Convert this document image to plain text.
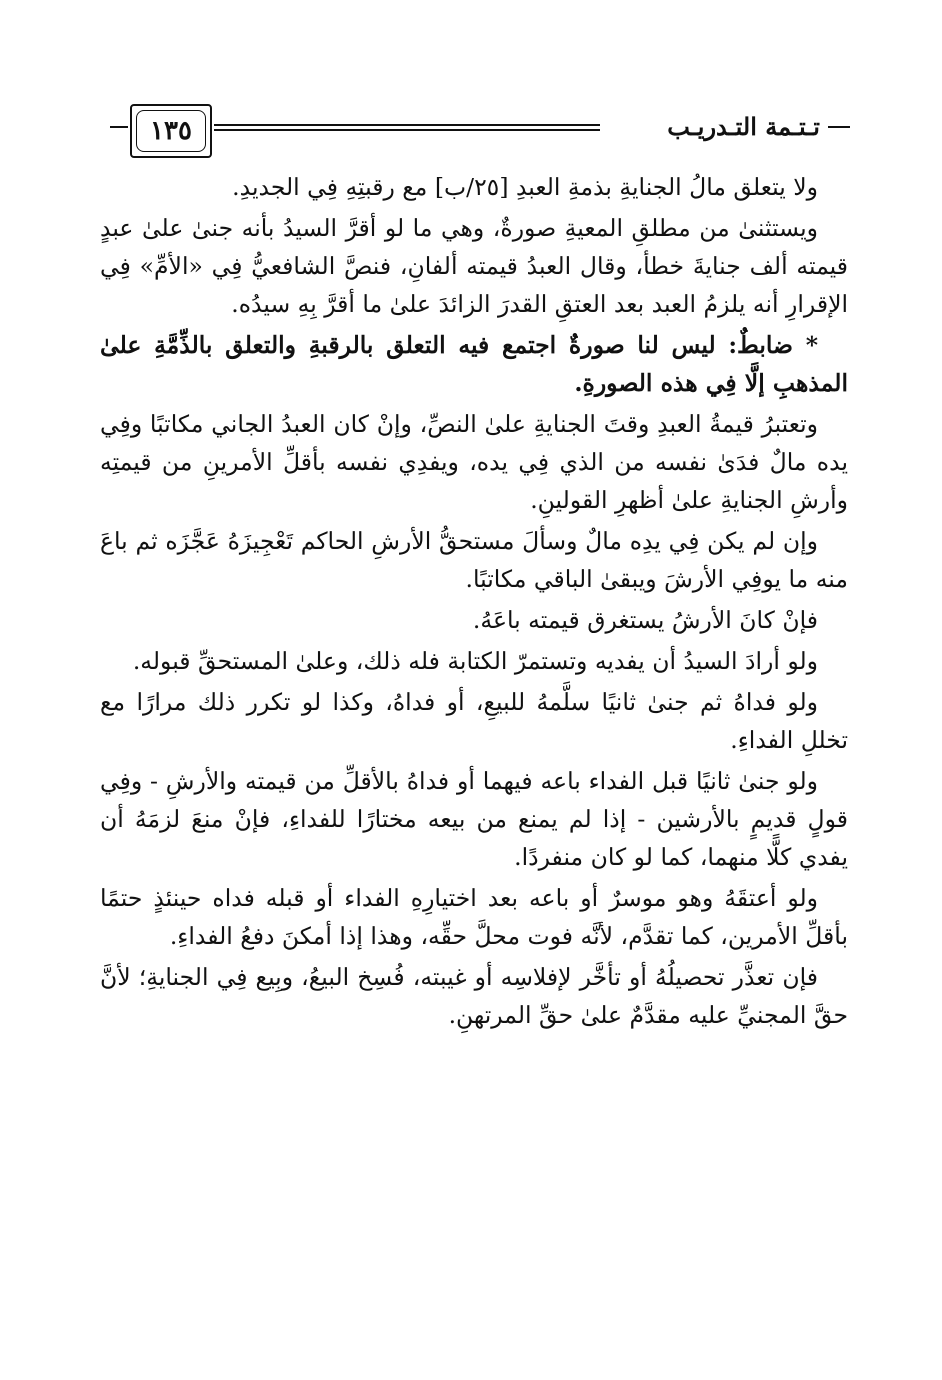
١٣٥	تـتـمة التـدريـب

ولا يتعلق مالُ الجنايةِ بذمةِ العبدِ [٢٥/ب] مع رقبتِهِ فِي الجديدِ.

ويستثنىٰ من مطلقِ المعيةِ صورةٌ، وهي ما لو أقرَّ السيدُ بأنه جنىٰ علىٰ عبدٍ قيمته ألف جنايةَ خطأ، وقال العبدُ قيمته ألفانِ، فنصَّ الشافعيُّ فِي «الأمِّ» فِي الإقرارِ أنه يلزمُ العبد بعد العتقِ القدرَ الزائدَ علىٰ ما أقرَّ بِهِ سيدُه.

* ضابطٌ: ليس لنا صورةٌ اجتمع فيه التعلق بالرقبةِ والتعلق بالذِّمَّةِ علىٰ المذهبِ إلَّا فِي هذه الصورةِ.

وتعتبرُ قيمةُ العبدِ وقتَ الجنايةِ علىٰ النصِّ، وإنْ كان العبدُ الجاني مكاتبًا وفِي يده مالٌ فدَىٰ نفسه من الذي فِي يده، ويفدِي نفسه بأقلِّ الأمرينِ من قيمتِه وأرشِ الجنايةِ علىٰ أظهرِ القولينِ.

وإن لم يكن فِي يدِه مالٌ وسألَ مستحقُّ الأرشِ الحاكم تَعْجِيزَهُ عَجَّزَه ثم باعَ منه ما يوفِي الأرشَ ويبقىٰ الباقي مكاتبًا.

فإنْ كانَ الأرشُ يستغرق قيمته باعَهُ.

ولو أرادَ السيدُ أن يفديه وتستمرّ الكتابة فله ذلك، وعلىٰ المستحقِّ قبوله.

ولو فداهُ ثم جنىٰ ثانيًا سلَّمهُ للبيعِ، أو فداهُ، وكذا لو تكرر ذلك مرارًا مع تخللِ الفداءِ.

ولو جنىٰ ثانيًا قبل الفداء باعه فيهما أو فداهُ بالأقلِّ من قيمته والأرشِ - وفِي قولٍ قديمٍ بالأرشين - إذا لم يمنع من بيعه مختارًا للفداءِ، فإنْ منعَ لزمَهُ أن يفدي كلًّا منهما، كما لو كان منفردًا.

ولو أعتقَهُ وهو موسرٌ أو باعه بعد اختيارِهِ الفداء أو قبله فداه حينئذٍ حتمًا بأقلِّ الأمرين، كما تقدَّم، لأنَّه فوت محلَّ حقِّه، وهذا إذا أمكنَ دفعُ الفداءِ.

فإن تعذَّر تحصيلُهُ أو تأخَّر لإفلاسِه أو غيبته، فُسِخ البيعُ، وبِيع فِي الجنايةِ؛ لأنَّ حقَّ المجنيِّ عليه مقدَّمٌ علىٰ حقِّ المرتهنِ.
